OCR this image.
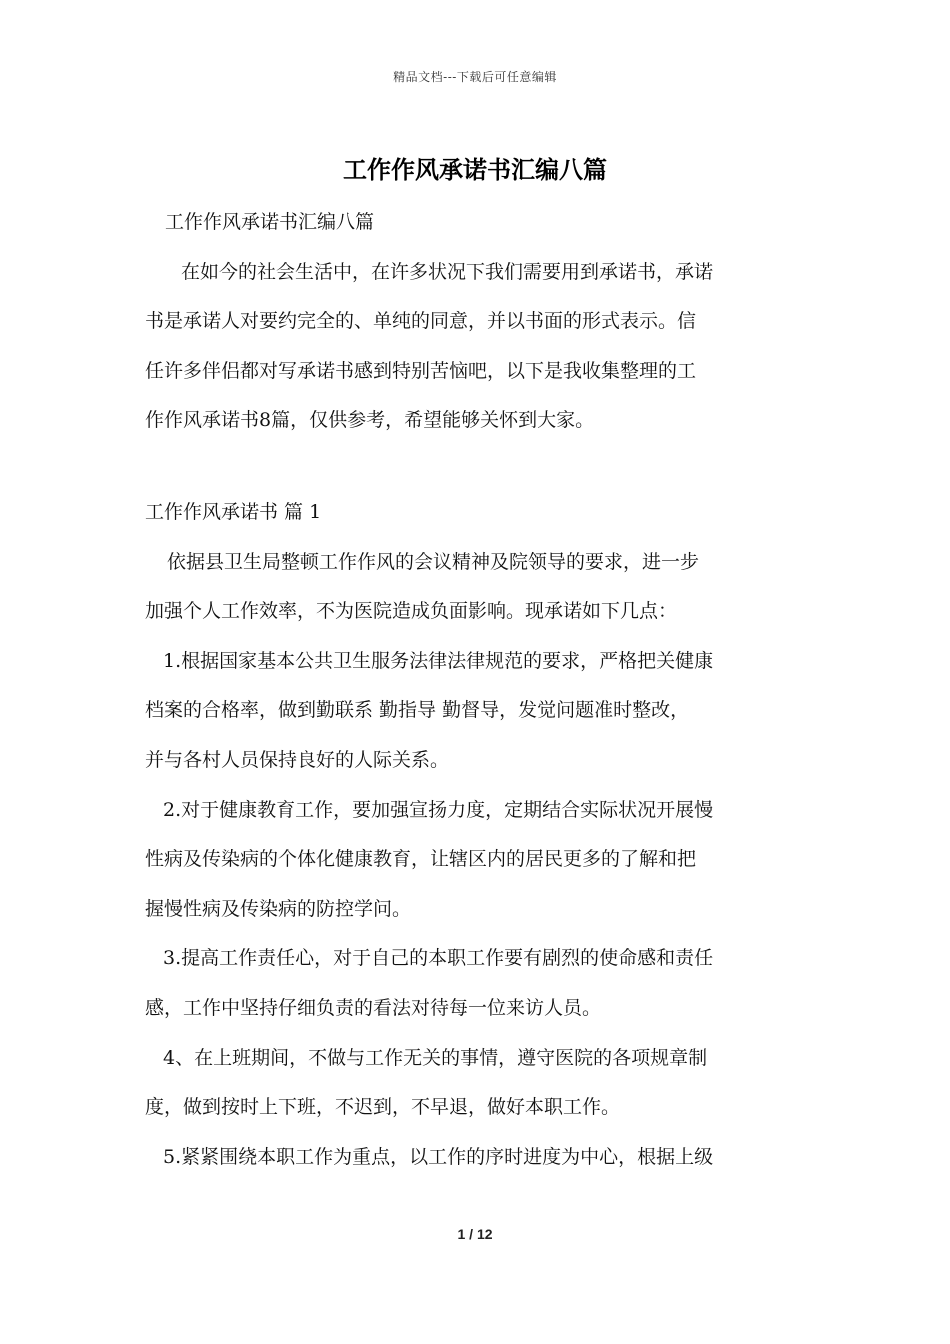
精品文档---下载后可任意编辑
工作作风承诺书汇编八篇
工作作风承诺书汇编八篇
在如今的社会生活中，在许多状况下我们需要用到承诺书，承诺
书是承诺人对要约完全的、单纯的同意，并以书面的形式表示。信
任许多伴侣都对写承诺书感到特别苦恼吧，以下是我收集整理的工
作作风承诺书8篇，仅供参考，希望能够关怀到大家。
工作作风承诺书 篇 1
依据县卫生局整顿工作作风的会议精神及院领导的要求，进一步
加强个人工作效率，不为医院造成负面影响。现承诺如下几点：
1.根据国家基本公共卫生服务法律法律规范的要求，严格把关健康
档案的合格率，做到勤联系 勤指导 勤督导，发觉问题准时整改，
并与各村人员保持良好的人际关系。
2.对于健康教育工作，要加强宣扬力度，定期结合实际状况开展慢
性病及传染病的个体化健康教育，让辖区内的居民更多的了解和把
握慢性病及传染病的防控学问。
3.提高工作责任心，对于自己的本职工作要有剧烈的使命感和责任
感，工作中坚持仔细负责的看法对待每一位来访人员。
4、在上班期间，不做与工作无关的事情，遵守医院的各项规章制
度，做到按时上下班，不迟到，不早退，做好本职工作。
5.紧紧围绕本职工作为重点，以工作的序时进度为中心，根据上级
1 / 12
